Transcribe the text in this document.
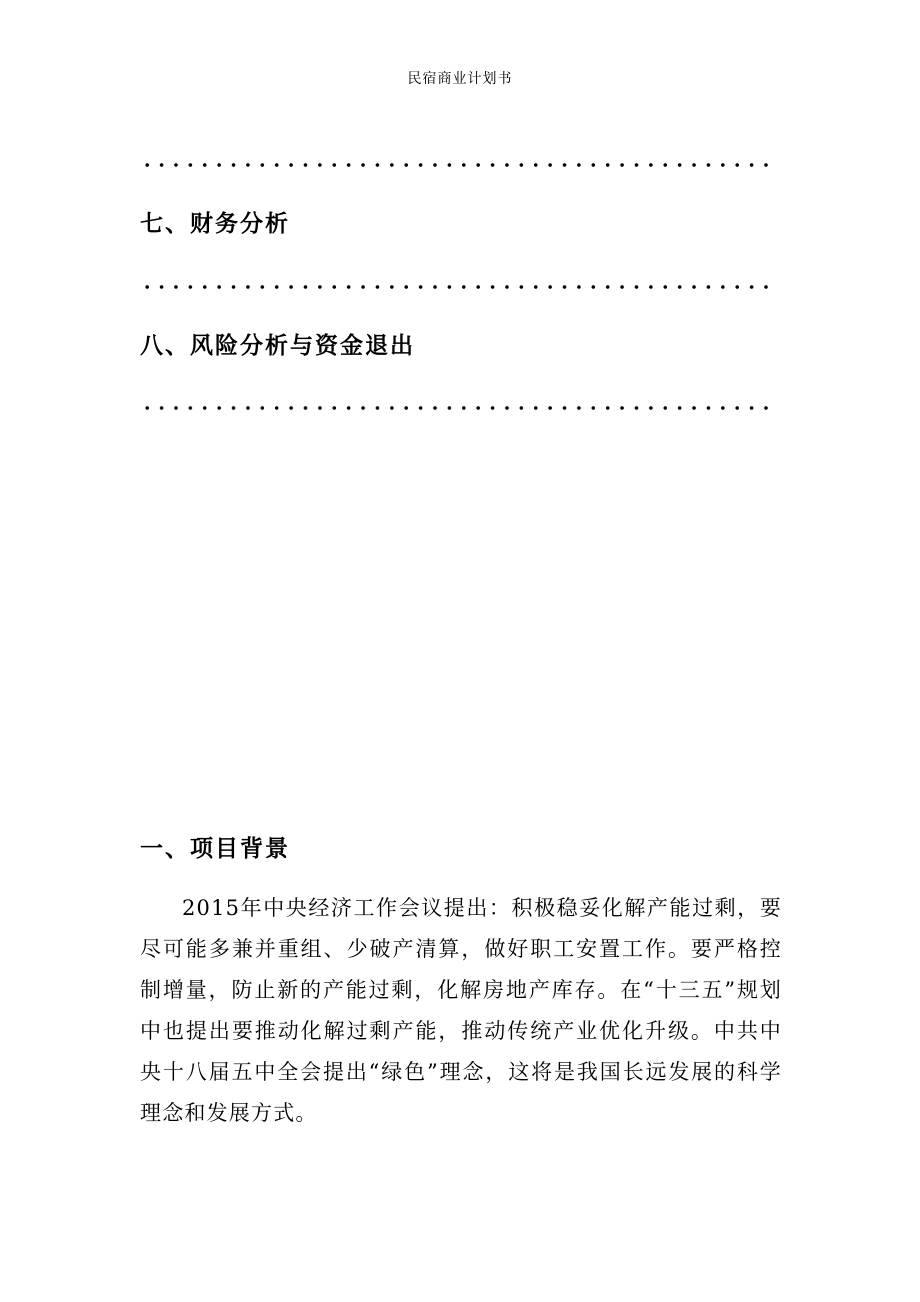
民宿商业计划书
七、财务分析
八、风险分析与资金退出
一、项目背景
2015年中央经济工作会议提出：积极稳妥化解产能过剩，要尽可能多兼并重组、少破产清算，做好职工安置工作。要严格控制增量，防止新的产能过剩，化解房地产库存。在“十三五”规划中也提出要推动化解过剩产能，推动传统产业优化升级。中共中央十八届五中全会提出“绿色”理念，这将是我国长远发展的科学理念和发展方式。
